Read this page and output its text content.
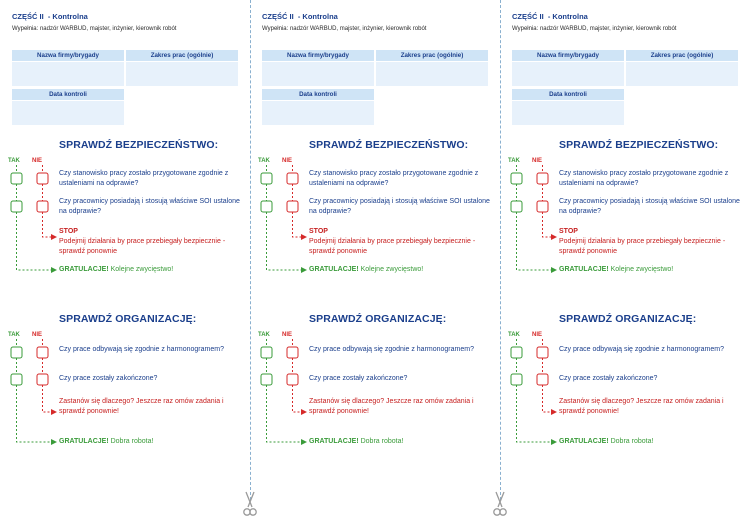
CZĘŚĆ II - Kontrolna
Wypełnia: nadzór WARBUD, majster, inżynier, kierownik robót
Nazwa firmy/brygady	Zakres prac (ogólnie)
Data kontroli
SPRAWDŹ BEZPIECZEŃSTWO:
TAK NIE
Czy stanowisko pracy zostało przygotowane zgodnie z ustaleniami na odprawie?
Czy pracownicy posiadają i stosują właściwe SOI ustalone na odprawie?
STOP
Podejmij działania by prace przebiegały bezpiecznie - sprawdź ponownie
GRATULACJE! Kolejne zwycięstwo!
SPRAWDŹ ORGANIZACJĘ:
TAK NIE
Czy prace odbywają się zgodnie z harmonogramem?
Czy prace zostały zakończone?
Zastanów się dlaczego? Jeszcze raz omów zadania i sprawdź ponownie!
GRATULACJE! Dobra robota!
CZĘŚĆ II - Kontrolna
Wypełnia: nadzór WARBUD, majster, inżynier, kierownik robót
Nazwa firmy/brygady	Zakres prac (ogólnie)
Data kontroli
SPRAWDŹ BEZPIECZEŃSTWO:
TAK NIE
Czy stanowisko pracy zostało przygotowane zgodnie z ustaleniami na odprawie?
Czy pracownicy posiadają i stosują właściwe SOI ustalone na odprawie?
STOP
Podejmij działania by prace przebiegały bezpiecznie - sprawdź ponownie
GRATULACJE! Kolejne zwycięstwo!
SPRAWDŹ ORGANIZACJĘ:
TAK NIE
Czy prace odbywają się zgodnie z harmonogramem?
Czy prace zostały zakończone?
Zastanów się dlaczego? Jeszcze raz omów zadania i sprawdź ponownie!
GRATULACJE! Dobra robota!
CZĘŚĆ II - Kontrolna
Wypełnia: nadzór WARBUD, majster, inżynier, kierownik robót
Nazwa firmy/brygady	Zakres prac (ogólnie)
Data kontroli
SPRAWDŹ BEZPIECZEŃSTWO:
TAK NIE
Czy stanowisko pracy zostało przygotowane zgodnie z ustaleniami na odprawie?
Czy pracownicy posiadają i stosują właściwe SOI ustalone na odprawie?
STOP
Podejmij działania by prace przebiegały bezpiecznie - sprawdź ponownie
GRATULACJE! Kolejne zwycięstwo!
SPRAWDŹ ORGANIZACJĘ:
TAK NIE
Czy prace odbywają się zgodnie z harmonogramem?
Czy prace zostały zakończone?
Zastanów się dlaczego? Jeszcze raz omów zadania i sprawdź ponownie!
GRATULACJE! Dobra robota!
